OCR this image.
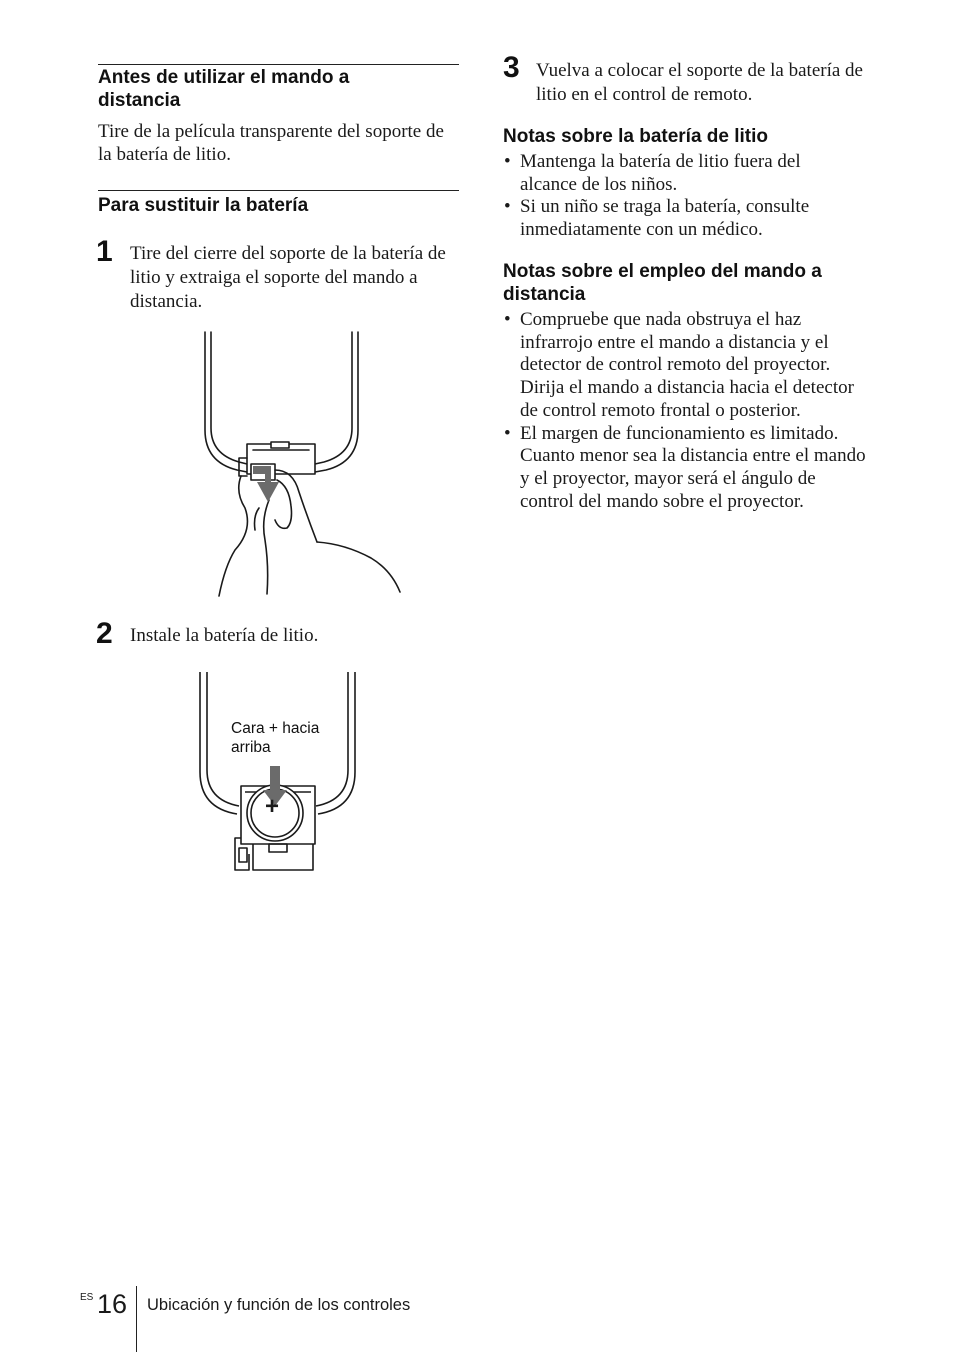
Antes de utilizar el mando a distancia
Tire de la película transparente del soporte de la batería de litio.
Para sustituir la batería
1 Tire del cierre del soporte de la batería de litio y extraiga el soporte del mando a distancia.
2 Instale la batería de litio.
Cara + hacia
arriba
+
3 Vuelva a colocar el soporte de la batería de litio en el control de remoto.
Notas sobre la batería de litio
• Mantenga la batería de litio fuera del alcance de los niños.
• Si un niño se traga la batería, consulte inmediatamente con un médico.
Notas sobre el empleo del mando a distancia
• Compruebe que nada obstruya el haz infrarrojo entre el mando a distancia y el detector de control remoto del proyector. Dirija el mando a distancia hacia el detector de control remoto frontal o posterior.
• El margen de funcionamiento es limitado. Cuanto menor sea la distancia entre el mando y el proyector, mayor será el ángulo de control del mando sobre el proyector.
ES 16 Ubicación y función de los controles
